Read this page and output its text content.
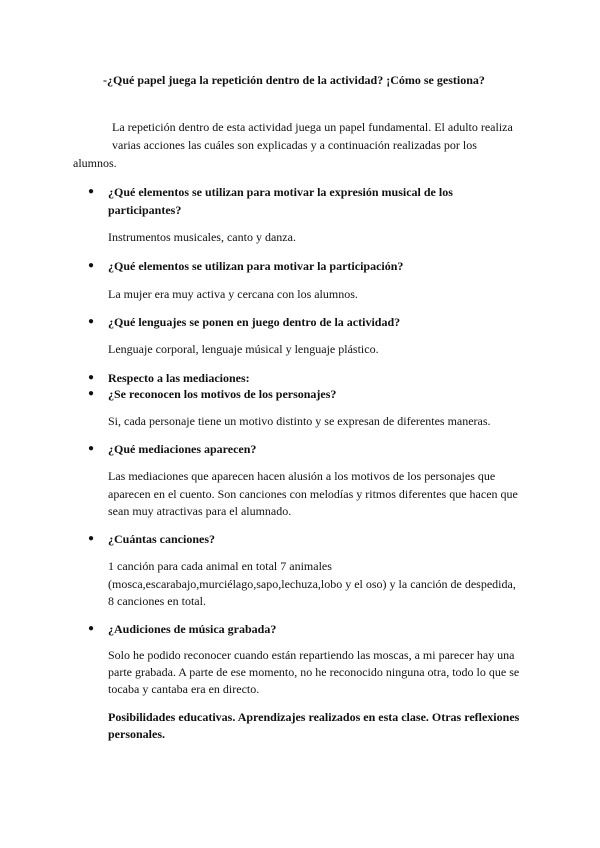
-¿Qué papel juega la repetición dentro de la actividad? ¡Cómo se gestiona?
La repetición dentro de esta actividad juega un papel fundamental. El adulto realiza
varias acciones las cuáles son explicadas y a continuación realizadas por los
alumnos.
●	¿Qué elementos se utilizan para motivar la expresión musical de los
participantes?
Instrumentos musicales, canto y danza.
●	¿Qué elementos se utilizan para motivar la participación?
La mujer era muy activa y cercana con los alumnos.
●	¿Qué lenguajes se ponen en juego dentro de la actividad?
Lenguaje corporal, lenguaje músical y lenguaje plástico.
●	Respecto a las mediaciones:
●	¿Se reconocen los motivos de los personajes?
Si, cada personaje tiene un motivo distinto y se expresan de diferentes maneras.
●	¿Qué mediaciones aparecen?
Las mediaciones que aparecen hacen alusión a los motivos de los personajes que
aparecen en el cuento. Son canciones con melodías y ritmos diferentes que hacen que
sean muy atractivas para el alumnado.
●	¿Cuántas canciones?
1 canción para cada animal en total 7 animales
(mosca,escarabajo,murciélago,sapo,lechuza,lobo y el oso) y la canción de despedida,
8 canciones en total.
●	¿Audiciones de música grabada?
Solo he podido reconocer cuando están repartiendo las moscas, a mi parecer hay una
parte grabada. A parte de ese momento, no he reconocido ninguna otra, todo lo que se
tocaba y cantaba era en directo.
Posibilidades educativas. Aprendizajes realizados en esta clase. Otras reflexiones
personales.
